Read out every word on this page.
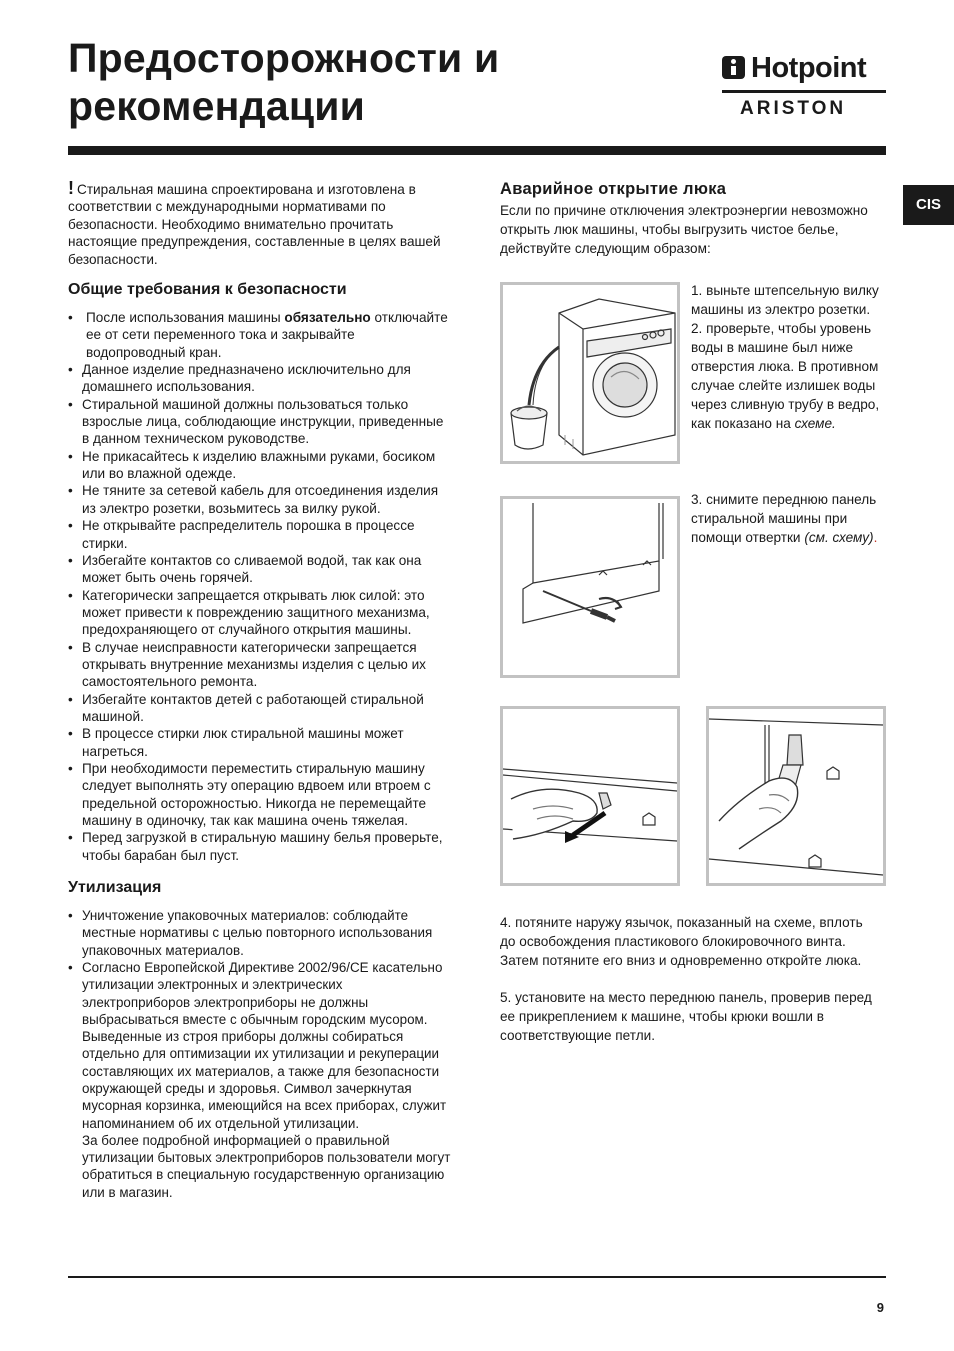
Предосторожности и рекомендации
Hotpoint
ARISTON
CIS

! Стиральная машина спроектирована и изготовлена в соответствии с международными нормативами по безопасности. Необходимо внимательно прочитать настоящие предупреждения, составленные в целях вашей безопасности.

Общие требования к безопасности
• После использования машины обязательно отключайте ее от сети переменного тока и закрывайте водопроводный кран.
• Данное изделие предназначено исключительно для домашнего использования.
• Стиральной машиной должны пользоваться только взрослые лица, соблюдающие инструкции, приведенные в данном техническом руководстве.
• Не прикасайтесь к изделию влажными руками, босиком или во влажной одежде.
• Не тяните за сетевой кабель для отсоединения изделия из электро розетки, возьмитесь за вилку рукой.
• Не открывайте распределитель порошка в процессе стирки.
• Избегайте контактов со сливаемой водой, так как она может быть очень горячей.
• Категорически запрещается открывать люк силой: это может привести к повреждению защитного механизма, предохраняющего от случайного открытия машины.
• В случае неисправности категорически запрещается открывать внутренние механизмы изделия с целью их самостоятельного ремонта.
• Избегайте контактов детей с работающей стиральной машиной.
• В процессе стирки люк стиральной машины может нагреться.
• При необходимости переместить стиральную машину следует выполнять эту операцию вдвоем или втроем с предельной осторожностью. Никогда не перемещайте машину в одиночку, так как машина очень тяжелая.
• Перед загрузкой в стиральную машину белья проверьте, чтобы барабан был пуст.
Утилизация
• Уничтожение упаковочных материалов: соблюдайте местные нормативы с целью повторного использования упаковочных материалов.
• Согласно Европейской Директиве 2002/96/CE касательно утилизации электронных и электрических электроприборов электроприборы не должны выбрасываться вместе с обычным городским мусором. Выведенные из строя приборы должны собираться отдельно для оптимизации их утилизации и рекуперации составляющих их материалов, а также для безопасности окружающей среды и здоровья. Символ зачеркнутая мусорная корзинка, имеющийся на всех приборах, служит напоминанием об их отдельной утилизации.

За более подробной информацией о правильной утилизации бытовых электроприборов пользователи могут обратиться в специальную государственную организацию или в магазин.

Аварийное открытие люка

Если по причине отключения электроэнергии невозможно открыть люк машины, чтобы выгрузить чистое белье, действуйте следующим образом:

1. выньте штепсельную вилку машины из электро розетки.

2. проверьте, чтобы уровень воды в машине был ниже отверстия люка. В противном случае слейте излишек воды через сливную трубу в ведро, как показано на схеме.

3. снимите переднюю панель стиральной машины при помощи отвертки (см. схему).

4. потяните наружу язычок, показанный на схеме, вплоть до освобождения пластикового блокировочного винта. Затем потяните его вниз и одновременно откройте люка.

5. установите на место переднюю панель, проверив перед ее прикреплением к машине, чтобы крюки вошли в соответствующие петли.

9
